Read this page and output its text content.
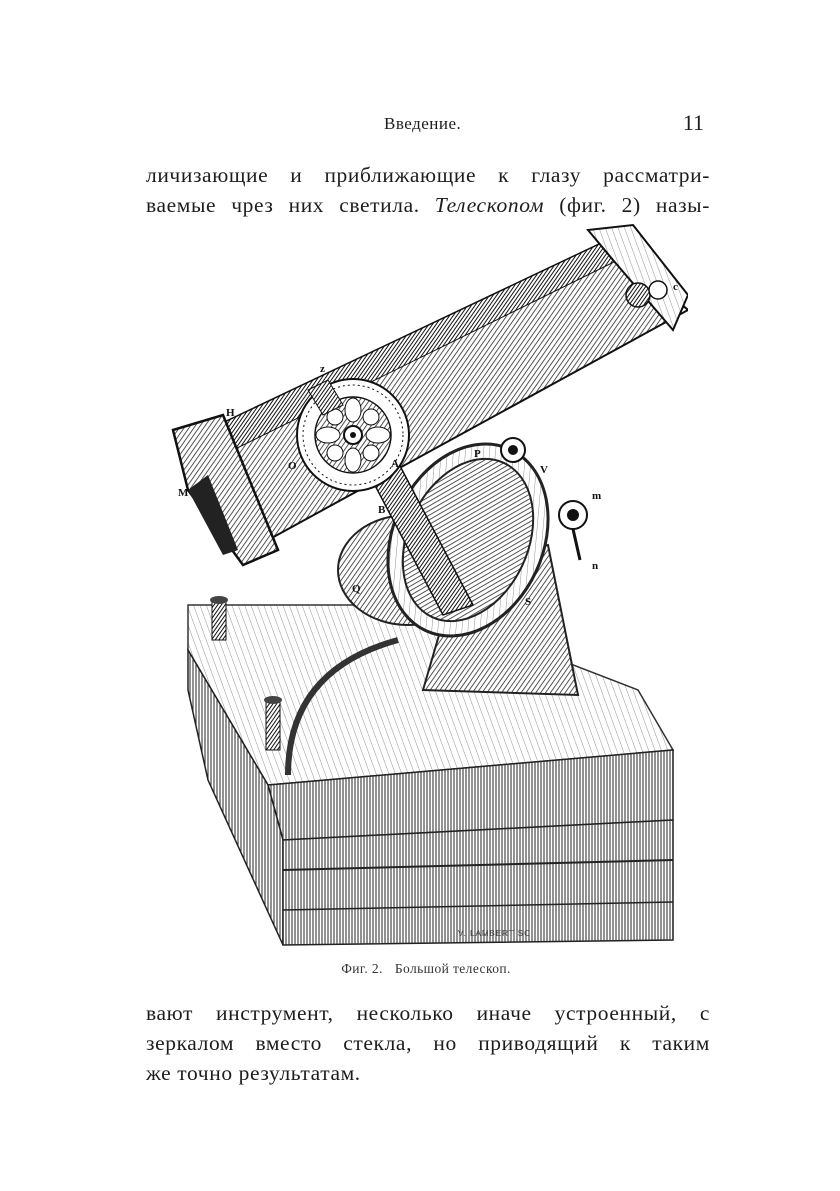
Введение.	11
личизающие и приближающие к глазу рассматри-
ваемые чрез них светила. Телескопом (фиг. 2) назы-
H
M
O	A
B
Q
P
V
m
n
S
z
c
V. LAMBERT SC.
Фиг. 2. Большой телескоп.
вают инструмент, несколько иначе устроенный, с
зеркалом вместо стекла, но приводящий к таким
же точно результатам.
